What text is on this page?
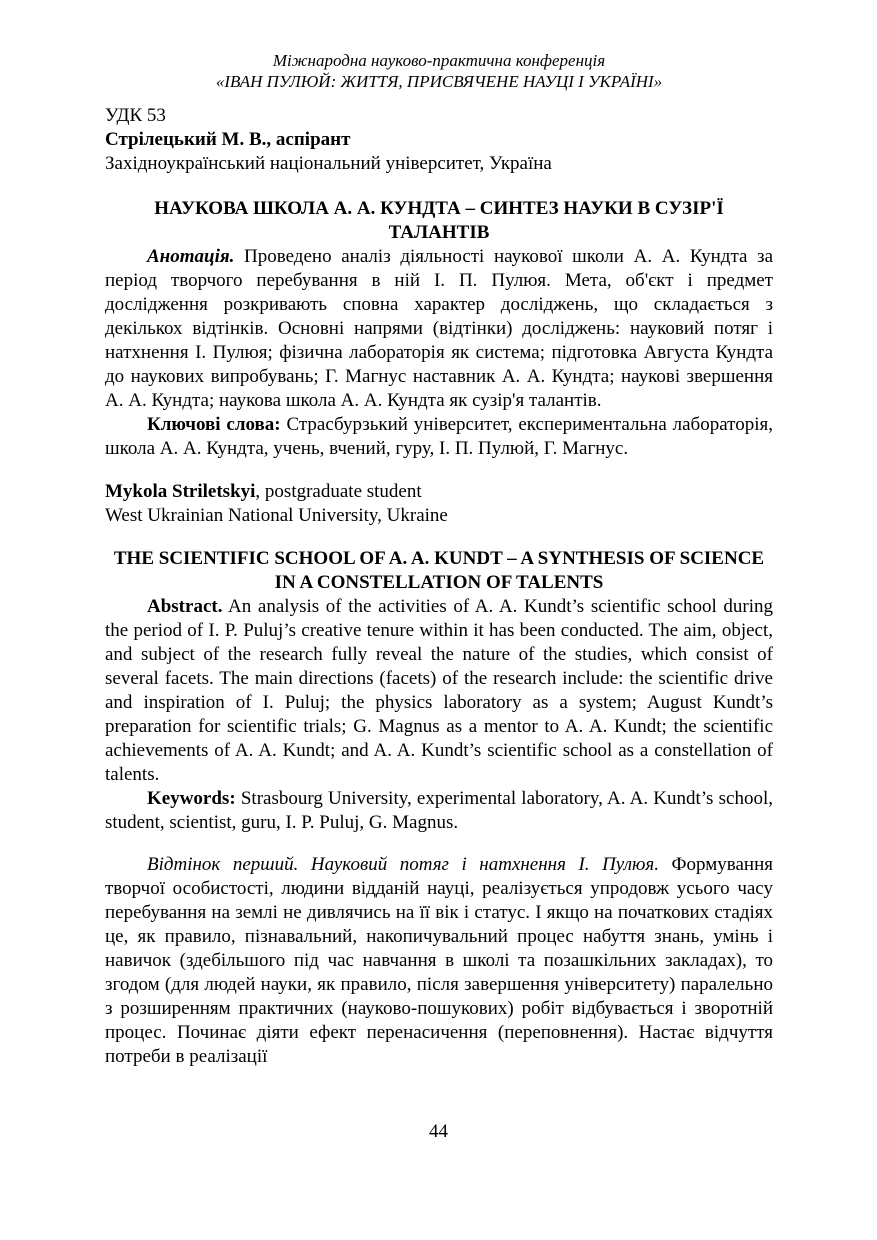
Міжнародна науково-практична конференція
«ІВАН ПУЛЮЙ: ЖИТТЯ, ПРИСВЯЧЕНЕ НАУЦІ І УКРАЇНІ»

УДК 53

Стрілецький М. В., аспірант

Західноукраїнський національний університет, Україна

НАУКОВА ШКОЛА А. А. КУНДТА – СИНТЕЗ НАУКИ В СУЗІР'Ї ТАЛАНТІВ

Анотація. Проведено аналіз діяльності наукової школи А. А. Кундта за період творчого перебування в ній І. П. Пулюя. Мета, об'єкт і предмет дослідження розкривають сповна характер досліджень, що складається з декількох відтінків. Основні напрями (відтінки) досліджень: науковий потяг і натхнення І. Пулюя; фізична лабораторія як система; підготовка Августа Кундта до наукових випробувань; Г. Магнус наставник А. А. Кундта; наукові звершення А. А. Кундта; наукова школа А. А. Кундта як сузір'я талантів.

Ключові слова: Страсбурзький університет, експериментальна лабораторія, школа А. А. Кундта, учень, вчений, гуру, І. П. Пулюй, Г. Магнус.

Mykola Striletskyi, postgraduate student

West Ukrainian National University, Ukraine

THE SCIENTIFIC SCHOOL OF A. A. KUNDT – A SYNTHESIS OF SCIENCE IN A CONSTELLATION OF TALENTS

Abstract. An analysis of the activities of A. A. Kundt’s scientific school during the period of I. P. Puluj’s creative tenure within it has been conducted. The aim, object, and subject of the research fully reveal the nature of the studies, which consist of several facets. The main directions (facets) of the research include: the scientific drive and inspiration of I. Puluj; the physics laboratory as a system; August Kundt’s preparation for scientific trials; G. Magnus as a mentor to A. A. Kundt; the scientific achievements of A. A. Kundt; and A. A. Kundt’s scientific school as a constellation of talents.

Keywords: Strasbourg University, experimental laboratory, A. A. Kundt’s school, student, scientist, guru, I. P. Puluj, G. Magnus.

Відтінок перший. Науковий потяг і натхнення І. Пулюя. Формування творчої особистості, людини відданій науці, реалізується упродовж усього часу перебування на землі не дивлячись на її вік і статус. І якщо на початкових стадіях це, як правило, пізнавальний, накопичувальний процес набуття знань, умінь і навичок (здебільшого під час навчання в школі та позашкільних закладах), то згодом (для людей науки, як правило, після завершення університету) паралельно з розширенням практичних (науково-пошукових) робіт відбувається і зворотній процес. Починає діяти ефект перенасичення (переповнення). Настає відчуття потреби в реалізації

44
